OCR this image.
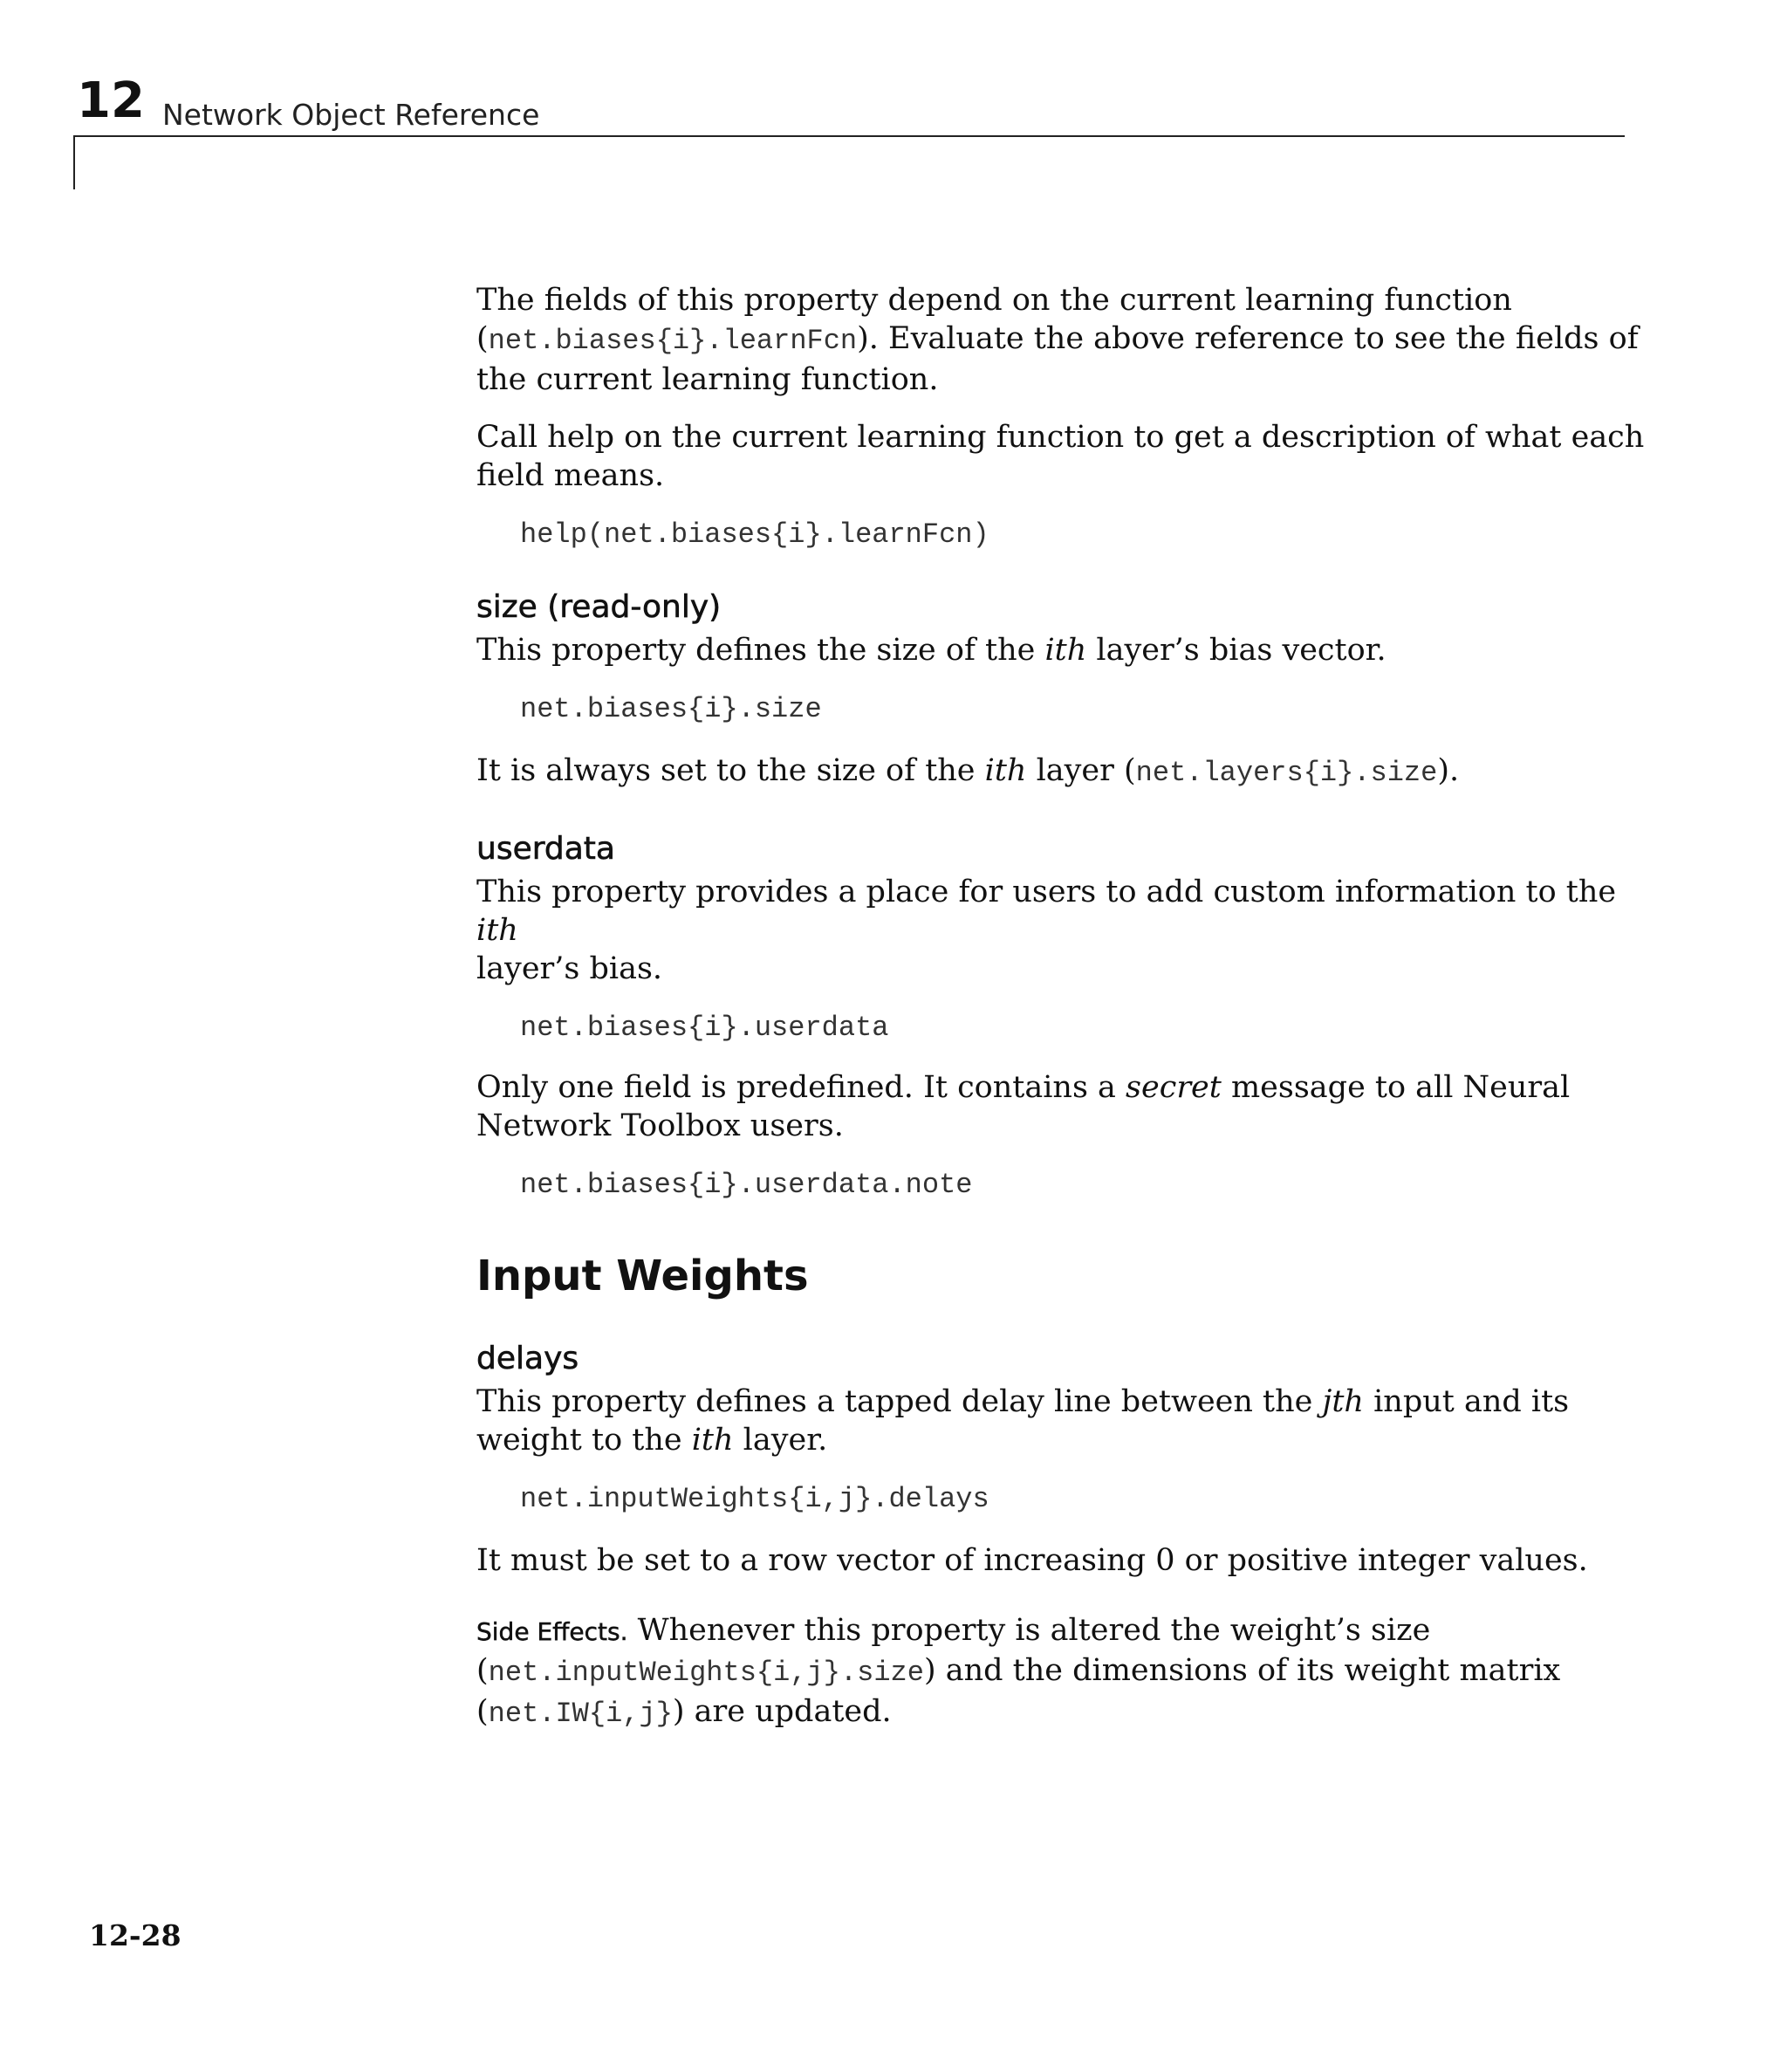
12 Network Object Reference

The fields of this property depend on the current learning function
(net.biases{i}.learnFcn). Evaluate the above reference to see the fields of the current learning function.

Call help on the current learning function to get a description of what each field means.

help(net.biases{i}.learnFcn)

size (read-only)

This property defines the size of the ith layer’s bias vector.

net.biases{i}.size

It is always set to the size of the ith layer (net.layers{i}.size).

userdata

This property provides a place for users to add custom information to the ith
layer’s bias.

net.biases{i}.userdata

Only one field is predefined. It contains a secret message to all Neural Network Toolbox users.

net.biases{i}.userdata.note

Input Weights
delays

This property defines a tapped delay line between the jth input and its weight to the ith layer.

net.inputWeights{i,j}.delays

It must be set to a row vector of increasing 0 or positive integer values.

Side Effects. Whenever this property is altered the weight’s size (net.inputWeights{i,j}.size) and the dimensions of its weight matrix (net.IW{i,j}) are updated.

12-28
